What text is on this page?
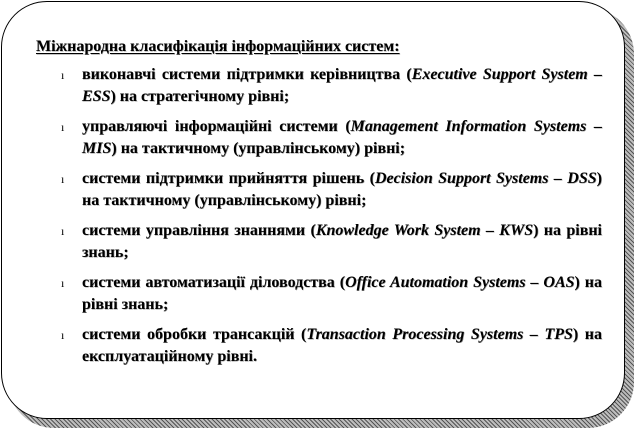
Міжнародна класифікація інформаційних систем:

ı виконавчі системи підтримки керівництва (Executive Support System – ESS) на стратегічному рівні;
ı управляючі інформаційні системи (Management Information Systems – MIS) на тактичному (управлінському) рівні;
ı системи підтримки прийняття рішень (Decision Support Systems – DSS) на тактичному (управлінському) рівні;
ı системи управління знаннями (Knowledge Work System – KWS) на рівні знань;
ı системи автоматизації діловодства (Office Automation Systems – OAS) на рівні знань;
ı системи обробки трансакцій (Transaction Processing Systems – TPS) на експлуатаційному рівні.
